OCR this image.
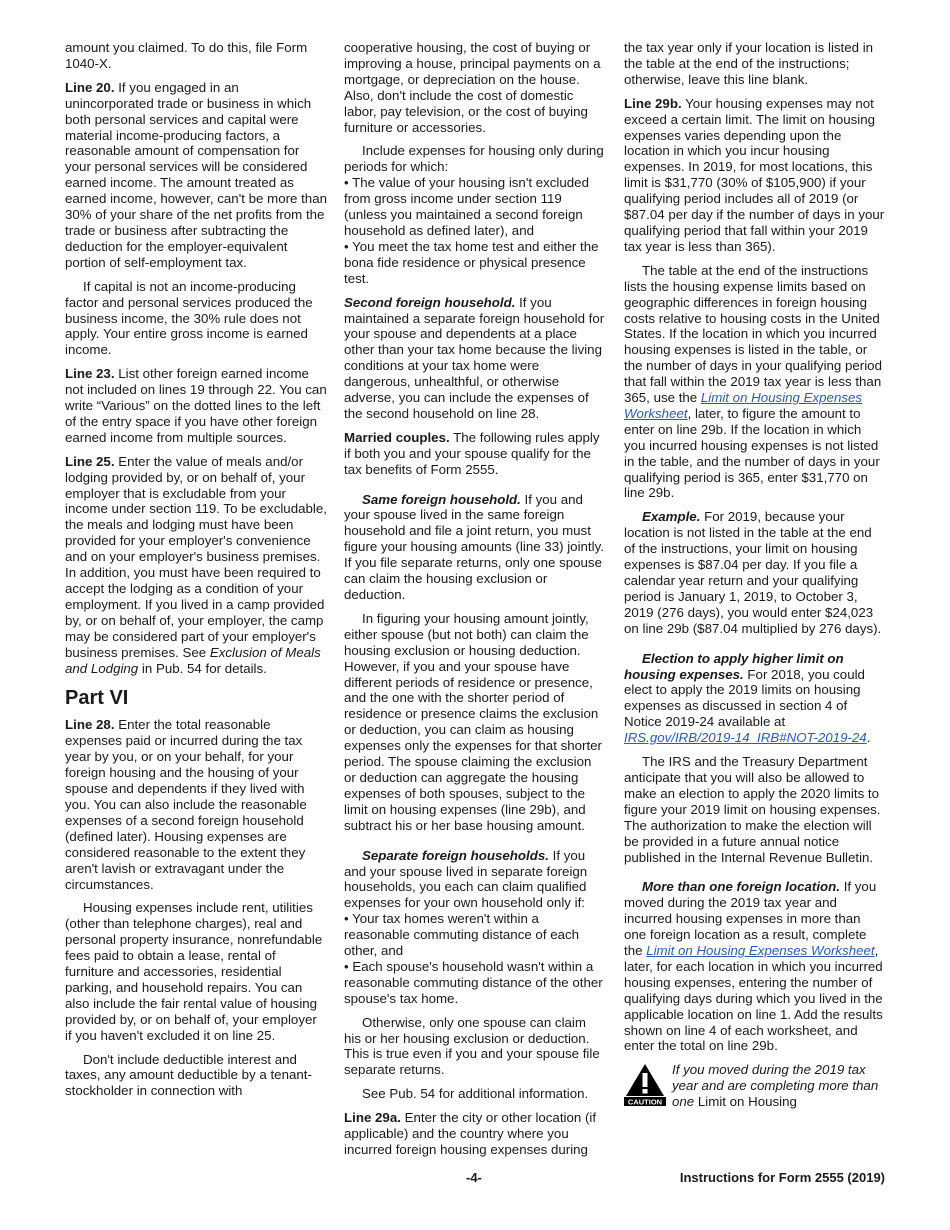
amount you claimed. To do this, file Form 1040-X.

Line 20. If you engaged in an unincorporated trade or business in which both personal services and capital were material income-producing factors, a reasonable amount of compensation for your personal services will be considered earned income. The amount treated as earned income, however, can't be more than 30% of your share of the net profits from the trade or business after subtracting the deduction for the employer-equivalent portion of self-employment tax.

If capital is not an income-producing factor and personal services produced the business income, the 30% rule does not apply. Your entire gross income is earned income.

Line 23. List other foreign earned income not included on lines 19 through 22. You can write “Various” on the dotted lines to the left of the entry space if you have other foreign earned income from multiple sources.

Line 25. Enter the value of meals and/or lodging provided by, or on behalf of, your employer that is excludable from your income under section 119. To be excludable, the meals and lodging must have been provided for your employer's convenience and on your employer's business premises. In addition, you must have been required to accept the lodging as a condition of your employment. If you lived in a camp provided by, or on behalf of, your employer, the camp may be considered part of your employer's business premises. See Exclusion of Meals and Lodging in Pub. 54 for details.

Part VI

Line 28. Enter the total reasonable expenses paid or incurred during the tax year by you, or on your behalf, for your foreign housing and the housing of your spouse and dependents if they lived with you. You can also include the reasonable expenses of a second foreign household (defined later). Housing expenses are considered reasonable to the extent they aren't lavish or extravagant under the circumstances.

Housing expenses include rent, utilities (other than telephone charges), real and personal property insurance, nonrefundable fees paid to obtain a lease, rental of furniture and accessories, residential parking, and household repairs. You can also include the fair rental value of housing provided by, or on behalf of, your employer if you haven't excluded it on line 25.

Don't include deductible interest and taxes, any amount deductible by a tenant-stockholder in connection with

cooperative housing, the cost of buying or improving a house, principal payments on a mortgage, or depreciation on the house. Also, don't include the cost of domestic labor, pay television, or the cost of buying furniture or accessories.

Include expenses for housing only during periods for which:
• The value of your housing isn't excluded from gross income under section 119 (unless you maintained a second foreign household as defined later), and
• You meet the tax home test and either the bona fide residence or physical presence test.

Second foreign household. If you maintained a separate foreign household for your spouse and dependents at a place other than your tax home because the living conditions at your tax home were dangerous, unhealthful, or otherwise adverse, you can include the expenses of the second household on line 28.

Married couples. The following rules apply if both you and your spouse qualify for the tax benefits of Form 2555.

Same foreign household. If you and your spouse lived in the same foreign household and file a joint return, you must figure your housing amounts (line 33) jointly. If you file separate returns, only one spouse can claim the housing exclusion or deduction.

In figuring your housing amount jointly, either spouse (but not both) can claim the housing exclusion or housing deduction. However, if you and your spouse have different periods of residence or presence, and the one with the shorter period of residence or presence claims the exclusion or deduction, you can claim as housing expenses only the expenses for that shorter period. The spouse claiming the exclusion or deduction can aggregate the housing expenses of both spouses, subject to the limit on housing expenses (line 29b), and subtract his or her base housing amount.

Separate foreign households. If you and your spouse lived in separate foreign households, you each can claim qualified expenses for your own household only if:
• Your tax homes weren't within a reasonable commuting distance of each other, and
• Each spouse's household wasn't within a reasonable commuting distance of the other spouse's tax home.

Otherwise, only one spouse can claim his or her housing exclusion or deduction. This is true even if you and your spouse file separate returns.

See Pub. 54 for additional information.

Line 29a. Enter the city or other location (if applicable) and the country where you incurred foreign housing expenses during

the tax year only if your location is listed in the table at the end of the instructions; otherwise, leave this line blank.

Line 29b. Your housing expenses may not exceed a certain limit. The limit on housing expenses varies depending upon the location in which you incur housing expenses. In 2019, for most locations, this limit is $31,770 (30% of $105,900) if your qualifying period includes all of 2019 (or $87.04 per day if the number of days in your qualifying period that fall within your 2019 tax year is less than 365).

The table at the end of the instructions lists the housing expense limits based on geographic differences in foreign housing costs relative to housing costs in the United States. If the location in which you incurred housing expenses is listed in the table, or the number of days in your qualifying period that fall within the 2019 tax year is less than 365, use the Limit on Housing Expenses Worksheet, later, to figure the amount to enter on line 29b. If the location in which you incurred housing expenses is not listed in the table, and the number of days in your qualifying period is 365, enter $31,770 on line 29b.

Example. For 2019, because your location is not listed in the table at the end of the instructions, your limit on housing expenses is $87.04 per day. If you file a calendar year return and your qualifying period is January 1, 2019, to October 3, 2019 (276 days), you would enter $24,023 on line 29b ($87.04 multiplied by 276 days).

Election to apply higher limit on housing expenses. For 2018, you could elect to apply the 2019 limits on housing expenses as discussed in section 4 of Notice 2019-24 available at IRS.gov/IRB/2019-14_IRB#NOT-2019-24.

The IRS and the Treasury Department anticipate that you will also be allowed to make an election to apply the 2020 limits to figure your 2019 limit on housing expenses. The authorization to make the election will be provided in a future annual notice published in the Internal Revenue Bulletin.

More than one foreign location. If you moved during the 2019 tax year and incurred housing expenses in more than one foreign location as a result, complete the Limit on Housing Expenses Worksheet, later, for each location in which you incurred housing expenses, entering the number of qualifying days during which you lived in the applicable location on line 1. Add the results shown on line 4 of each worksheet, and enter the total on line 29b.

CAUTION
If you moved during the 2019 tax year and are completing more than one Limit on Housing
-4-	Instructions for Form 2555 (2019)
